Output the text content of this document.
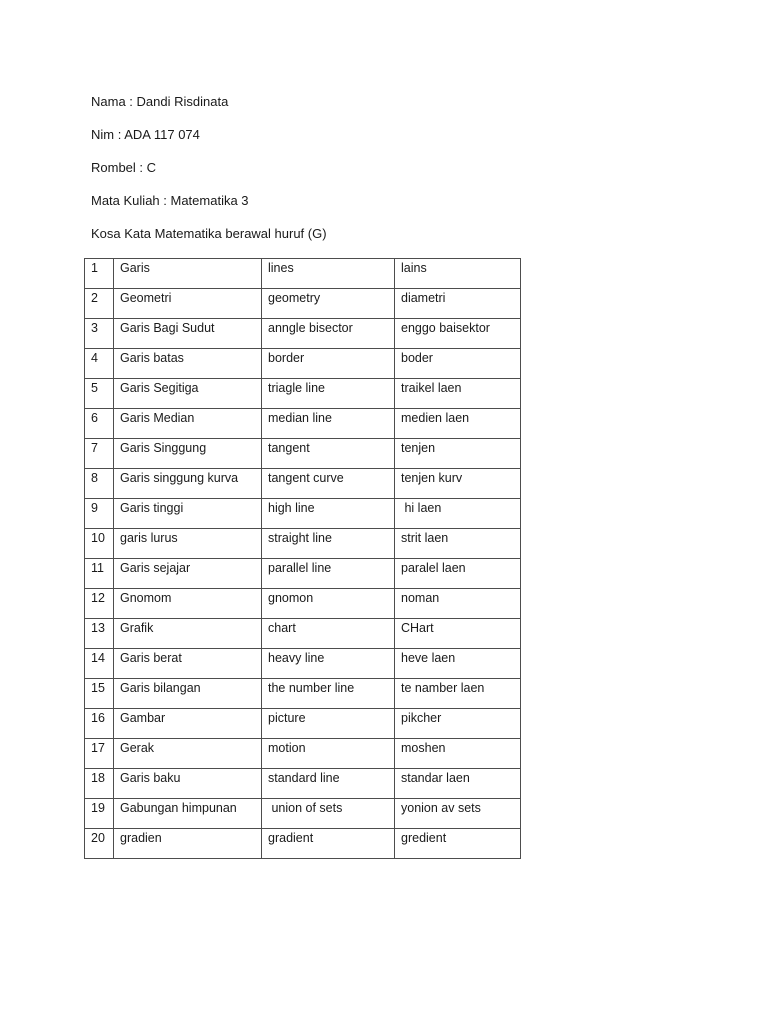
Nama : Dandi Risdinata
Nim : ADA 117 074
Rombel : C
Mata Kuliah : Matematika 3
Kosa Kata Matematika berawal huruf (G)
1	Garis	lines	lains
2	Geometri	geometry	diametri
3	Garis Bagi Sudut	anngle bisector	enggo baisektor
4	Garis batas	border	boder
5	Garis Segitiga	triagle line	traikel laen
6	Garis Median	median line	medien laen
7	Garis Singgung	tangent	tenjen
8	Garis singgung kurva	tangent curve	tenjen kurv
9	Garis tinggi	high line	hi laen
10	garis lurus	straight line	strit laen
11	Garis sejajar	parallel line	paralel laen
12	Gnomom	gnomon	noman
13	Grafik	chart	CHart
14	Garis berat	heavy line	heve laen
15	Garis bilangan	the number line	te namber laen
16	Gambar	picture	pikcher
17	Gerak	motion	moshen
18	Garis baku	standard line	standar laen
19	Gabungan himpunan	union of sets	yonion av sets
20	gradien	gradient	gredient
